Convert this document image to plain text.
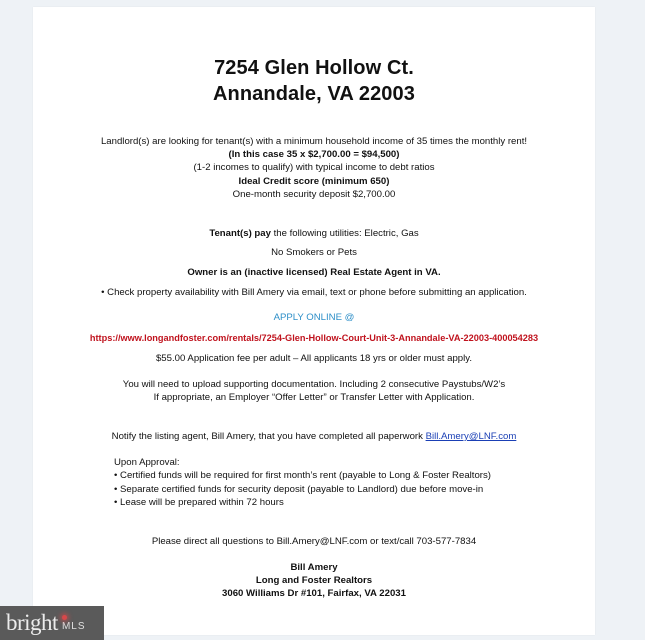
7254 Glen Hollow Ct.
Annandale, VA 22003
Landlord(s) are looking for tenant(s) with a minimum household income of 35 times the monthly rent!
(In this case 35 x $2,700.00 = $94,500)
(1-2 incomes to qualify) with typical income to debt ratios
Ideal Credit score (minimum 650)
One-month security deposit $2,700.00
Tenant(s) pay the following utilities: Electric, Gas
No Smokers or Pets
Owner is an (inactive licensed) Real Estate Agent in VA.
• Check property availability with Bill Amery via email, text or phone before submitting an application.
APPLY ONLINE @
https://www.longandfoster.com/rentals/7254-Glen-Hollow-Court-Unit-3-Annandale-VA-22003-400054283
$55.00 Application fee per adult – All applicants 18 yrs or older must apply.
You will need to upload supporting documentation. Including 2 consecutive Paystubs/W2’s
If appropriate, an Employer “Offer Letter” or Transfer Letter with Application.
Notify the listing agent, Bill Amery, that you have completed all paperwork Bill.Amery@LNF.com
Upon Approval:
• Certified funds will be required for first month’s rent (payable to Long & Foster Realtors)
• Separate certified funds for security deposit (payable to Landlord) due before move-in
• Lease will be prepared within 72 hours
Please direct all questions to Bill.Amery@LNF.com or text/call 703-577-7834
Bill Amery
Long and Foster Realtors
3060 Williams Dr #101, Fairfax, VA 22031
bright MLS
